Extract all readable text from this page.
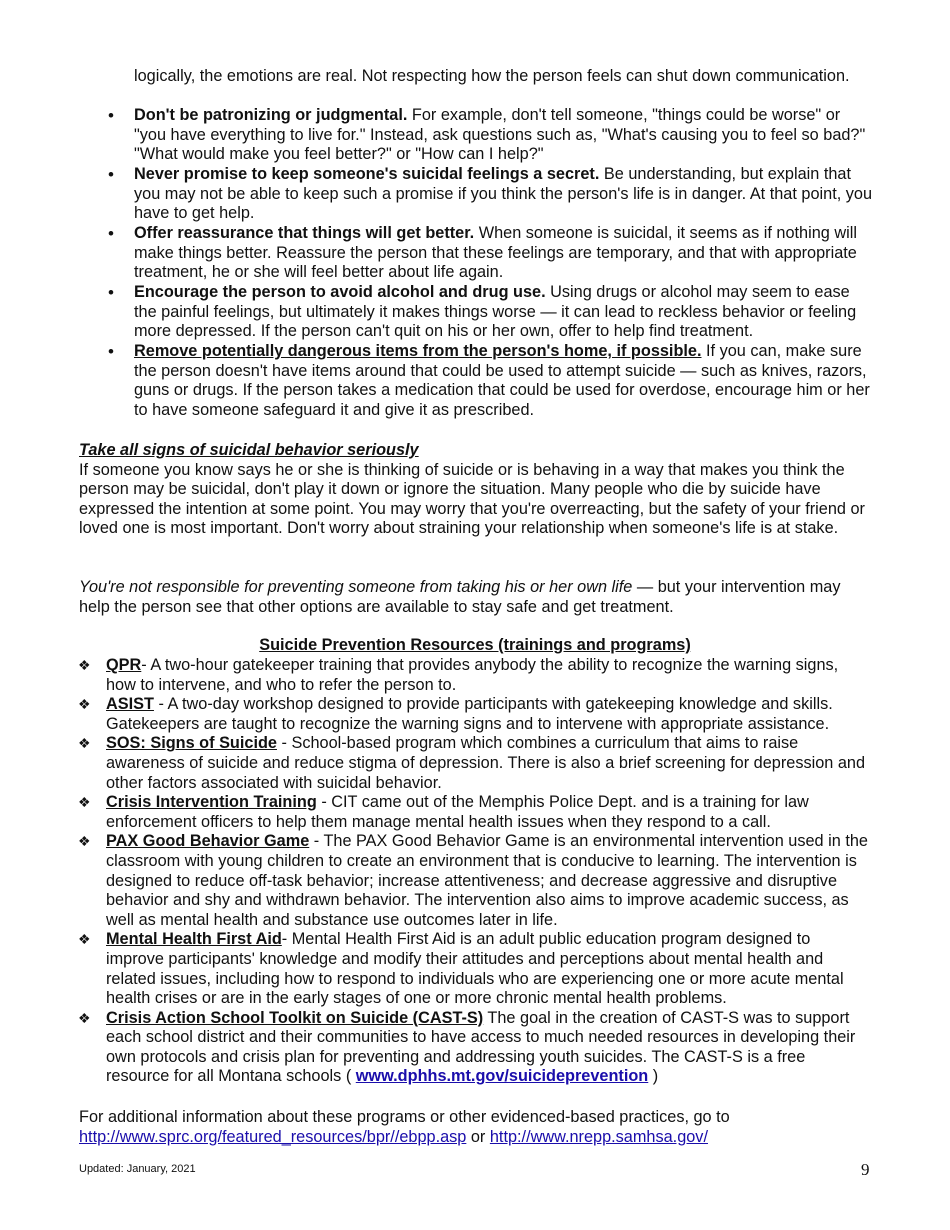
logically, the emotions are real. Not respecting how the person feels can shut down communication.

• Don't be patronizing or judgmental. For example, don't tell someone, "things could be worse" or "you have everything to live for." Instead, ask questions such as, "What's causing you to feel so bad?" "What would make you feel better?" or "How can I help?"
• Never promise to keep someone's suicidal feelings a secret. Be understanding, but explain that you may not be able to keep such a promise if you think the person's life is in danger. At that point, you have to get help.
• Offer reassurance that things will get better. When someone is suicidal, it seems as if nothing will make things better. Reassure the person that these feelings are temporary, and that with appropriate treatment, he or she will feel better about life again.
• Encourage the person to avoid alcohol and drug use. Using drugs or alcohol may seem to ease the painful feelings, but ultimately it makes things worse — it can lead to reckless behavior or feeling more depressed. If the person can't quit on his or her own, offer to help find treatment.
• Remove potentially dangerous items from the person's home, if possible. If you can, make sure the person doesn't have items around that could be used to attempt suicide — such as knives, razors, guns or drugs. If the person takes a medication that could be used for overdose, encourage him or her to have someone safeguard it and give it as prescribed.

Take all signs of suicidal behavior seriously
If someone you know says he or she is thinking of suicide or is behaving in a way that makes you think the person may be suicidal, don't play it down or ignore the situation. Many people who die by suicide have expressed the intention at some point. You may worry that you're overreacting, but the safety of your friend or loved one is most important. Don't worry about straining your relationship when someone's life is at stake.

You're not responsible for preventing someone from taking his or her own life — but your intervention may help the person see that other options are available to stay safe and get treatment.

Suicide Prevention Resources (trainings and programs)

❖ QPR- A two-hour gatekeeper training that provides anybody the ability to recognize the warning signs, how to intervene, and who to refer the person to.
❖ ASIST - A two-day workshop designed to provide participants with gatekeeping knowledge and skills. Gatekeepers are taught to recognize the warning signs and to intervene with appropriate assistance.
❖ SOS: Signs of Suicide - School-based program which combines a curriculum that aims to raise awareness of suicide and reduce stigma of depression. There is also a brief screening for depression and other factors associated with suicidal behavior.
❖ Crisis Intervention Training - CIT came out of the Memphis Police Dept. and is a training for law enforcement officers to help them manage mental health issues when they respond to a call.
❖ PAX Good Behavior Game - The PAX Good Behavior Game is an environmental intervention used in the classroom with young children to create an environment that is conducive to learning. The intervention is designed to reduce off-task behavior; increase attentiveness; and decrease aggressive and disruptive behavior and shy and withdrawn behavior. The intervention also aims to improve academic success, as well as mental health and substance use outcomes later in life.
❖ Mental Health First Aid- Mental Health First Aid is an adult public education program designed to improve participants' knowledge and modify their attitudes and perceptions about mental health and related issues, including how to respond to individuals who are experiencing one or more acute mental health crises or are in the early stages of one or more chronic mental health problems.
❖ Crisis Action School Toolkit on Suicide (CAST-S) The goal in the creation of CAST-S was to support each school district and their communities to have access to much needed resources in developing their own protocols and crisis plan for preventing and addressing youth suicides. The CAST-S is a free resource for all Montana schools ( www.dphhs.mt.gov/suicideprevention )

For additional information about these programs or other evidenced-based practices, go to
http://www.sprc.org/featured_resources/bpr//ebpp.asp or http://www.nrepp.samhsa.gov/

Updated: January, 2021	9
